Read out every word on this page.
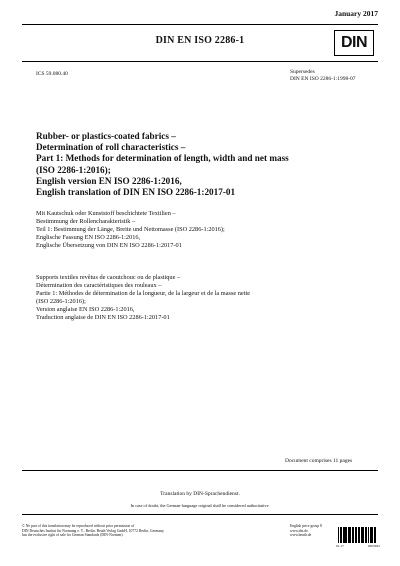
January 2017
DIN EN ISO 2286-1	DIN
ICS 59.080.40	Supersedes
DIN EN ISO 2286-1:1998-07
Rubber- or plastics-coated fabrics –
Determination of roll characteristics –
Part 1: Methods for determination of length, width and net mass
(ISO 2286-1:2016);
English version EN ISO 2286-1:2016,
English translation of DIN EN ISO 2286-1:2017-01
Mit Kautschuk oder Kunststoff beschichtete Textilien –
Bestimmung der Rollencharakteristik –
Teil 1: Bestimmung der Länge, Breite und Nettomasse (ISO 2286-1:2016);
Englische Fassung EN ISO 2286-1:2016,
Englische Übersetzung von DIN EN ISO 2286-1:2017-01
Supports textiles revêtus de caoutchouc ou de plastique –
Détermination des caractéristiques des rouleaux –
Partie 1: Méthodes de détermination de la longueur, de la largeur et de la masse nette
(ISO 2286-1:2016);
Version anglaise EN ISO 2286-1:2016,
Traduction anglaise de DIN EN ISO 2286-1:2017-01
Document comprises 11 pages
Translation by DIN-Sprachendienst.
In case of doubt, the German-language original shall be considered authoritative.
© No part of this translation may be reproduced without prior permission of
DIN Deutsches Institut für Normung e. V., Berlin. Beuth Verlag GmbH, 10772 Berlin, Germany,
has the exclusive right of sale for German Standards (DIN-Normen).
English price group 8
www.din.de
www.beuth.de
01.17	2603922
